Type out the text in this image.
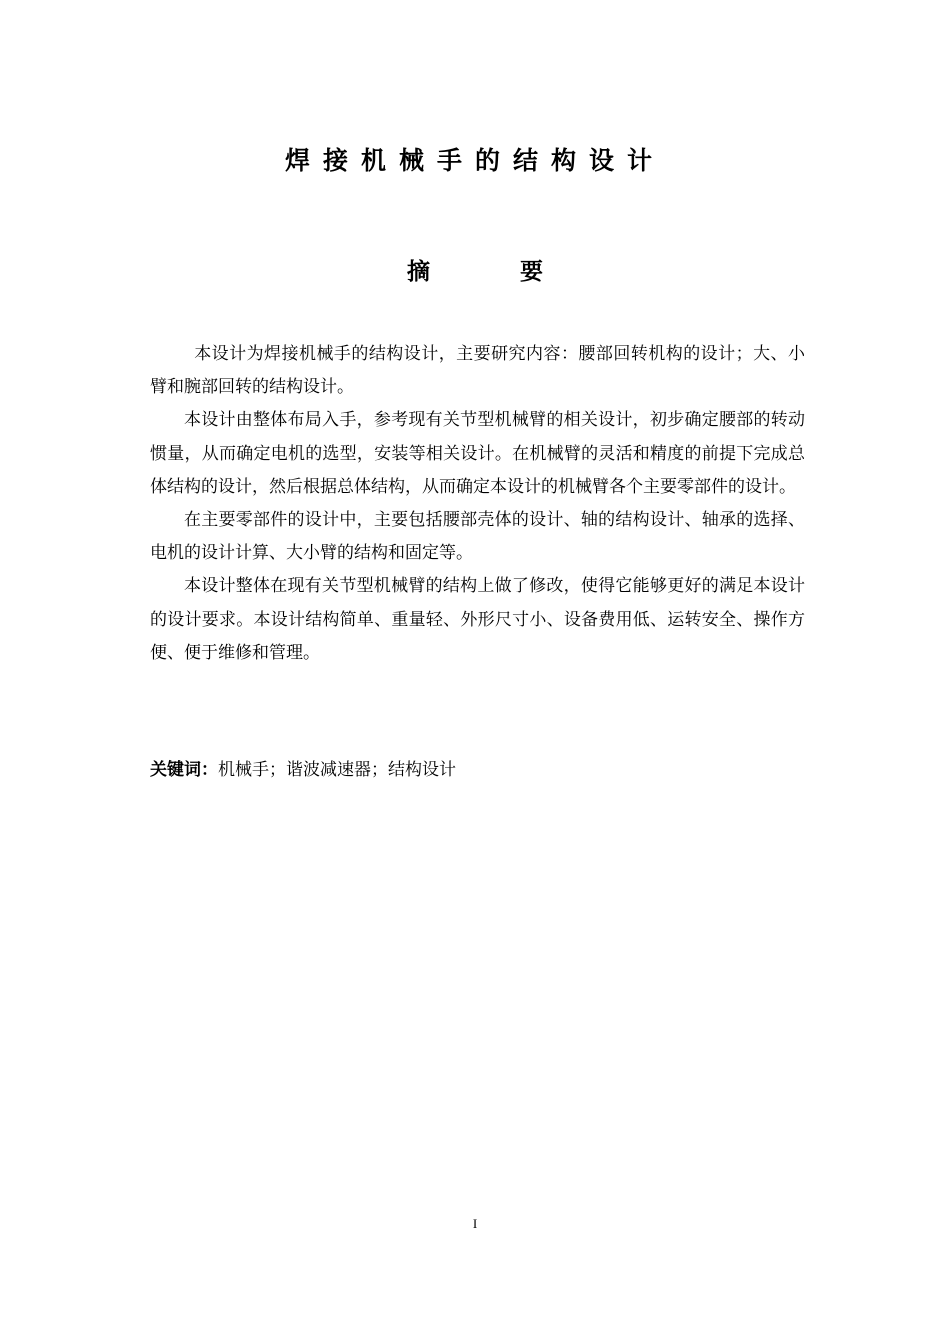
焊接机械手的结构设计
摘	要

本设计为焊接机械手的结构设计，主要研究内容：腰部回转机构的设计；大、小臂和腕部回转的结构设计。

本设计由整体布局入手，参考现有关节型机械臂的相关设计，初步确定腰部的转动惯量，从而确定电机的选型，安装等相关设计。在机械臂的灵活和精度的前提下完成总体结构的设计，然后根据总体结构，从而确定本设计的机械臂各个主要零部件的设计。

在主要零部件的设计中，主要包括腰部壳体的设计、轴的结构设计、轴承的选择、电机的设计计算、大小臂的结构和固定等。

本设计整体在现有关节型机械臂的结构上做了修改，使得它能够更好的满足本设计的设计要求。本设计结构简单、重量轻、外形尺寸小、设备费用低、运转安全、操作方便、便于维修和管理。

关键词：机械手；谐波减速器；结构设计

I
